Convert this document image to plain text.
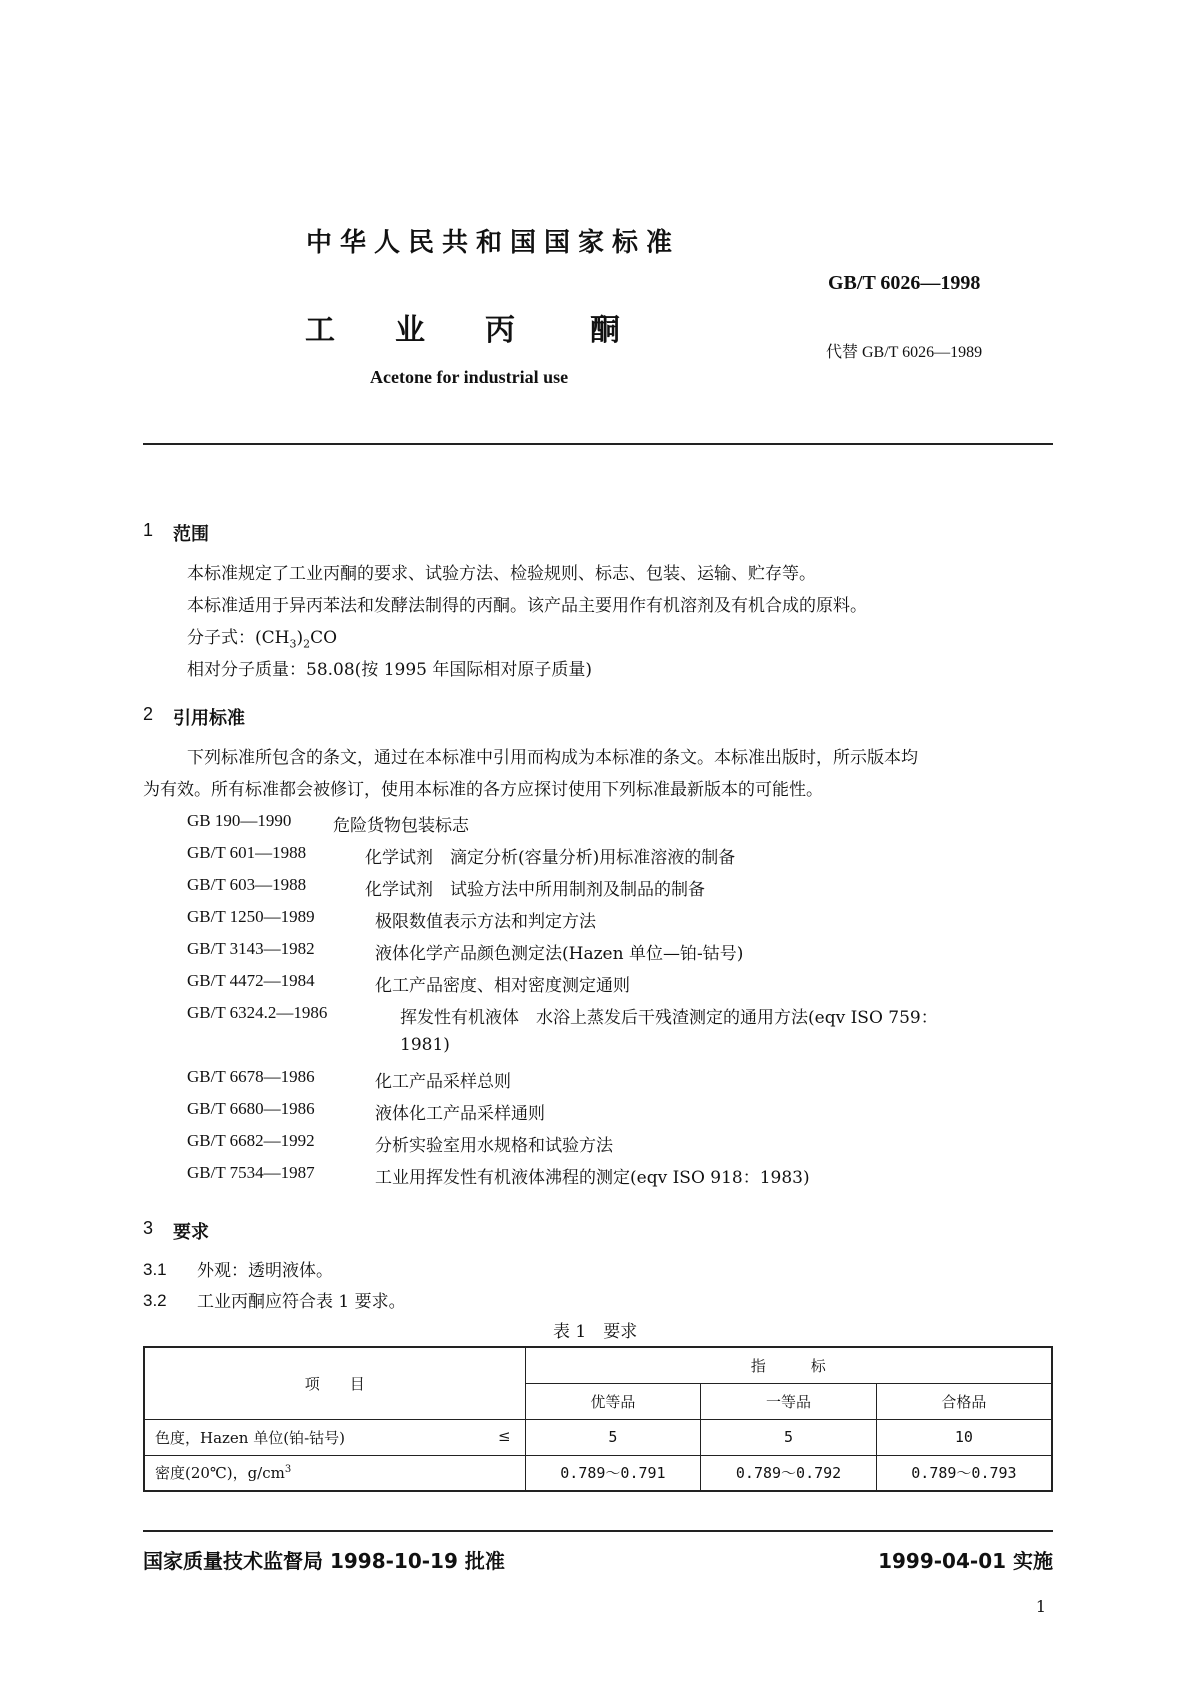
中华人民共和国国家标准
GB/T 6026—1998
工 业 丙	酮
代替 GB/T 6026—1989
Acetone for industrial use
1 范围
本标准规定了工业丙酮的要求、试验方法、检验规则、标志、包装、运输、贮存等。
本标准适用于异丙苯法和发酵法制得的丙酮。该产品主要用作有机溶剂及有机合成的原料。
分子式：$(CH_3)_2CO$
相对分子质量：58.08(按 1995 年国际相对原子质量)
2 引用标准
下列标准所包含的条文，通过在本标准中引用而构成为本标准的条文。本标准出版时，所示版本均
为有效。所有标准都会被修订，使用本标准的各方应探讨使用下列标准最新版本的可能性。
GB 190—1990 危险货物包装标志
GB/T 601—1988	化学试剂　滴定分析(容量分析)用标准溶液的制备
GB/T 603—1988	化学试剂　试验方法中所用制剂及制品的制备
GB/T 1250—1989	极限数值表示方法和判定方法
GB/T 3143—1982	液体化学产品颜色测定法(Hazen 单位—铂-钴号)
GB/T 4472—1984	化工产品密度、相对密度测定通则
GB/T 6324.2—1986	挥发性有机液体　水浴上蒸发后干残渣测定的通用方法(eqv ISO 759：
1981)
GB/T 6678—1986	化工产品采样总则
GB/T 6680—1986	液体化工产品采样通则
GB/T 6682—1992	分析实验室用水规格和试验方法
GB/T 7534—1987	工业用挥发性有机液体沸程的测定(eqv ISO 918：1983)
3 要求
3.1 外观：透明液体。
3.2 工业丙酮应符合表 1 要求。
表 1　要求
项　　目	指　　　标		
	优等品	一等品	合格品
色度，Hazen 单位(铂-钴号) ≤	5	5	10
密度(20℃)，$g/cm^3$	0.789～0.791	0.789～0.792	0.789～0.793
国家质量技术监督局 1998-10-19 批准	1999-04-01 实施
1
